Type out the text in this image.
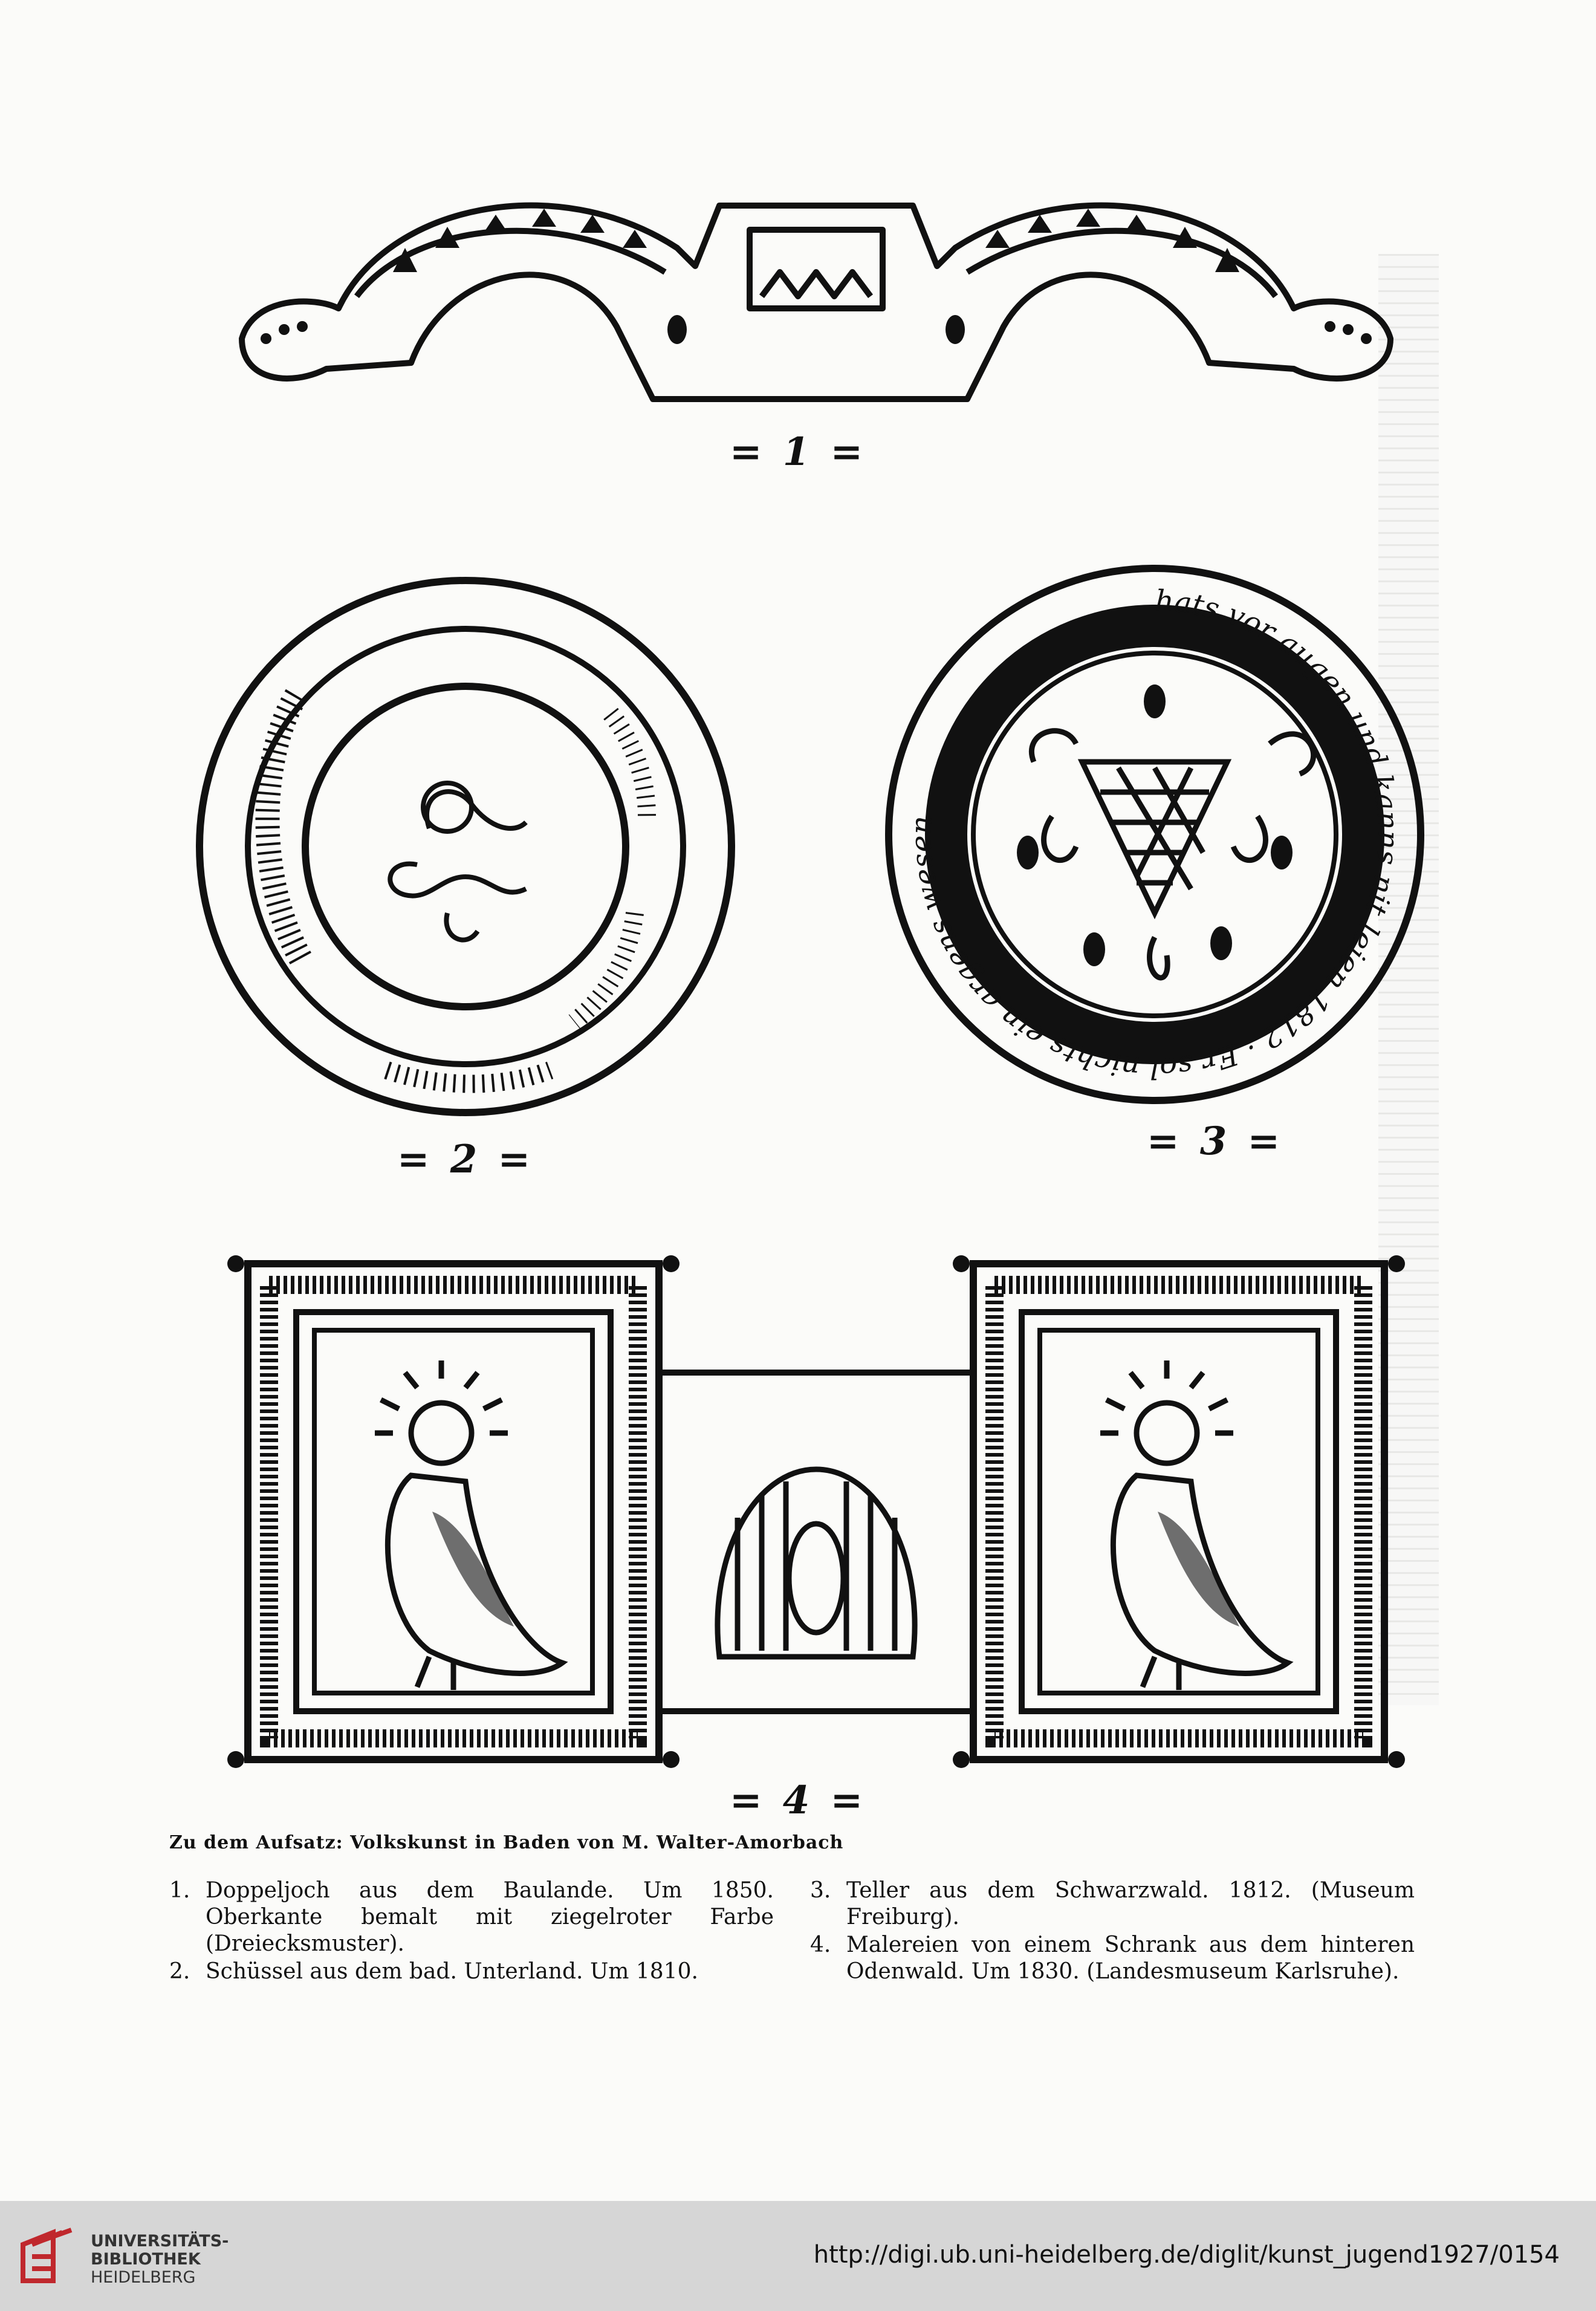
= 1 =
= 2 =
hats vor augen und kanns nit leien 1812 · Er sol nichts ein argens wesen
= 3 =
= 4 =
Zu dem Aufsatz: Volkskunst in Baden von M. Walter-Amorbach
1. Doppeljoch aus dem Baulande. Um 1850. Oberkante bemalt mit ziegelroter Farbe (Dreiecksmuster).
2. Schüssel aus dem bad. Unterland. Um 1810.
3. Teller aus dem Schwarzwald. 1812. (Museum Freiburg).
4. Malereien von einem Schrank aus dem hinteren Odenwald. Um 1830. (Landesmuseum Karlsruhe).
UNIVERSITÄTS-
BIBLIOTHEK
HEIDELBERG
http://digi.ub.uni-heidelberg.de/diglit/kunst_jugend1927/0154
